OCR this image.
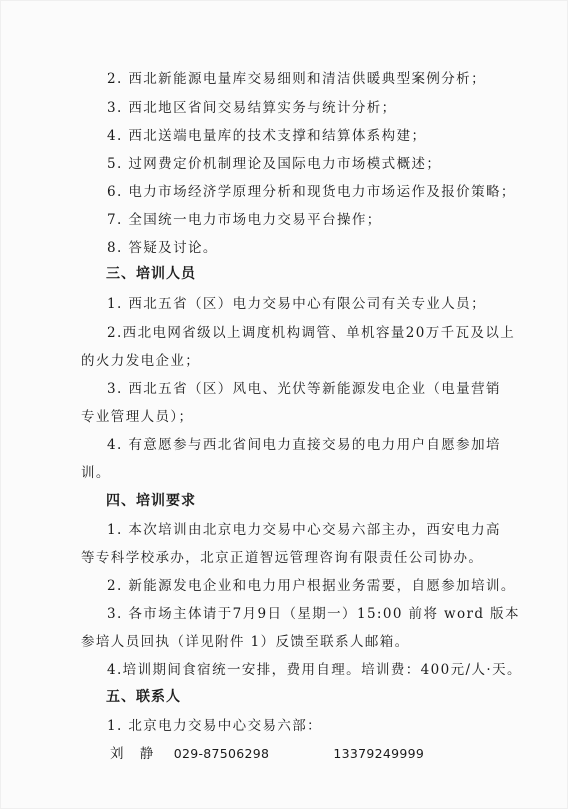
2. 西北新能源电量库交易细则和清洁供暖典型案例分析；
3. 西北地区省间交易结算实务与统计分析；
4. 西北送端电量库的技术支撑和结算体系构建；
5. 过网费定价机制理论及国际电力市场模式概述；
6. 电力市场经济学原理分析和现货电力市场运作及报价策略；
7. 全国统一电力市场电力交易平台操作；
8. 答疑及讨论。
三、培训人员
1. 西北五省（区）电力交易中心有限公司有关专业人员；
2.西北电网省级以上调度机构调管、单机容量20万千瓦及以上
的火力发电企业；
3. 西北五省（区）风电、光伏等新能源发电企业（电量营销
专业管理人员）；
4. 有意愿参与西北省间电力直接交易的电力用户自愿参加培
训。
四、培训要求
1. 本次培训由北京电力交易中心交易六部主办，西安电力高
等专科学校承办，北京正道智远管理咨询有限责任公司协办。
2. 新能源发电企业和电力用户根据业务需要，自愿参加培训。
3. 各市场主体请于7月9日（星期一）15:00 前将 word 版本
参培人员回执（详见附件 1）反馈至联系人邮箱。
4.培训期间食宿统一安排，费用自理。培训费：400元/人·天。
五、联系人
1. 北京电力交易中心交易六部：
刘　静 029-87506298	13379249999
